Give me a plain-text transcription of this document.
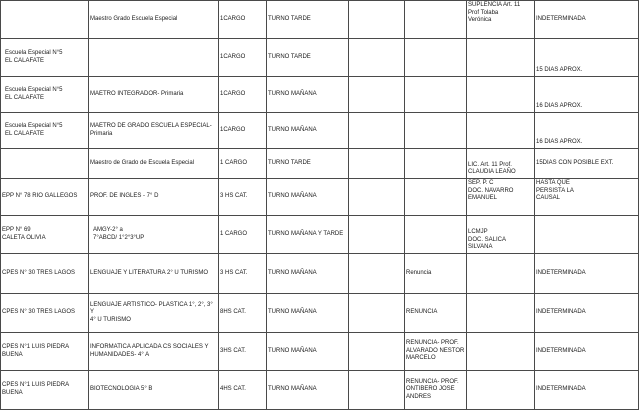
	Maestro Grado Escuela Especial	1CARGO	TURNO TARDE			SUPLENCIA Art. 11
Prof Tolaba
Verónica	INDETERMINADA
Escuela Especial N°5
EL CALAFATE		1CARGO	TURNO TARDE				15 DIAS APROX.
Escuela Especial N°5
EL CALAFATE	MAETRO INTEGRADOR- Primaria	1CARGO	TURNO MAÑANA				16 DIAS APROX.
Escuela Especial N°5
EL CALAFATE	MAETRO DE GRADO ESCUELA ESPECIAL-
Primaria	1CARGO	TURNO MAÑANA				16 DIAS APROX.
	Maestro de Grado de Escuela Especial	1 CARGO	TURNO TARDE			LIC. Art. 11 Prof.
CLAUDIA LEAÑO	15DIAS CON POSIBLE EXT.
EPP N° 78 RIO GALLEGOS	PROF. DE INGLES - 7° D	3 HS CAT.	TURNO MAÑANA			SEP. P. C
DOC. NAVARRO
EMANUEL	HASTA QUE
PERSISTA LA
CAUSAL
EPP N° 69
CALETA OLIVIA	AMGY-2° a
7°ABCD/ 1°2°3°UP	1 CARGO	TURNO MAÑANA Y TARDE			LCMJP
DOC. SALICA
SILVANA	
CPES N° 30 TRES LAGOS	LENGUAJE Y LITERATURA 2° U TURISMO	3 HS CAT.	TURNO MAÑANA		Renuncia		INDETERMINADA
CPES N° 30 TRES LAGOS	LENGUAJE ARTISTICO- PLASTICA 1°, 2°, 3° Y
4° U TURISMO	8HS CAT.	TURNO MAÑANA		RENUNCIA		INDETERMINADA
CPES N°1 LUIS PIEDRA BUENA	INFORMATICA APLICADA CS SOCIALES Y
HUMANIDADES- 4° A	3HS CAT.	TURNO MAÑANA		RENUNCIA- PROF.
ALVARADO NESTOR
MARCELO		INDETERMINADA
CPES N°1 LUIS PIEDRA BUENA	BIOTECNOLOGIA 5° B	4HS CAT.	TURNO MAÑANA		RENUNCIA- PROF.
ONTIBERO JOSE
ANDRES		INDETERMINADA
